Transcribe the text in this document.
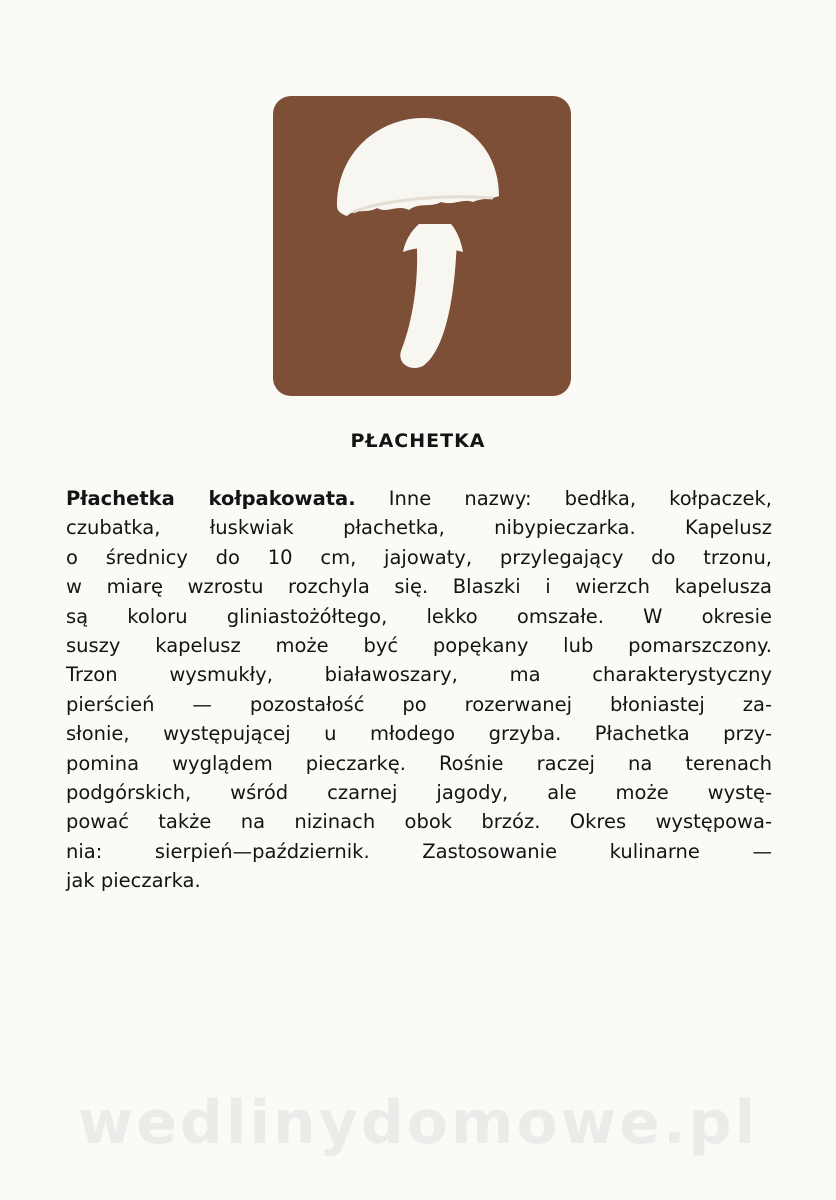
PŁACHETKA

Płachetka kołpakowata. Inne nazwy: bedłka, kołpaczek,
czubatka, łuskwiak płachetka, nibypieczarka. Kapelusz
o średnicy do 10 cm, jajowaty, przylegający do trzonu,
w miarę wzrostu rozchyla się. Blaszki i wierzch kapelusza
są koloru gliniastożółtego, lekko omszałe. W okresie
suszy kapelusz może być popękany lub pomarszczony.
Trzon wysmukły, białawoszary, ma charakterystyczny
pierścień — pozostałość po rozerwanej błoniastej za-
słonie, występującej u młodego grzyba. Płachetka przy-
pomina wyglądem pieczarkę. Rośnie raczej na terenach
podgórskich, wśród czarnej jagody, ale może wystę-
pować także na nizinach obok brzóz. Okres występowa-
nia: sierpień—październik. Zastosowanie kulinarne —
jak pieczarka.

wedlinydomowe.pl
